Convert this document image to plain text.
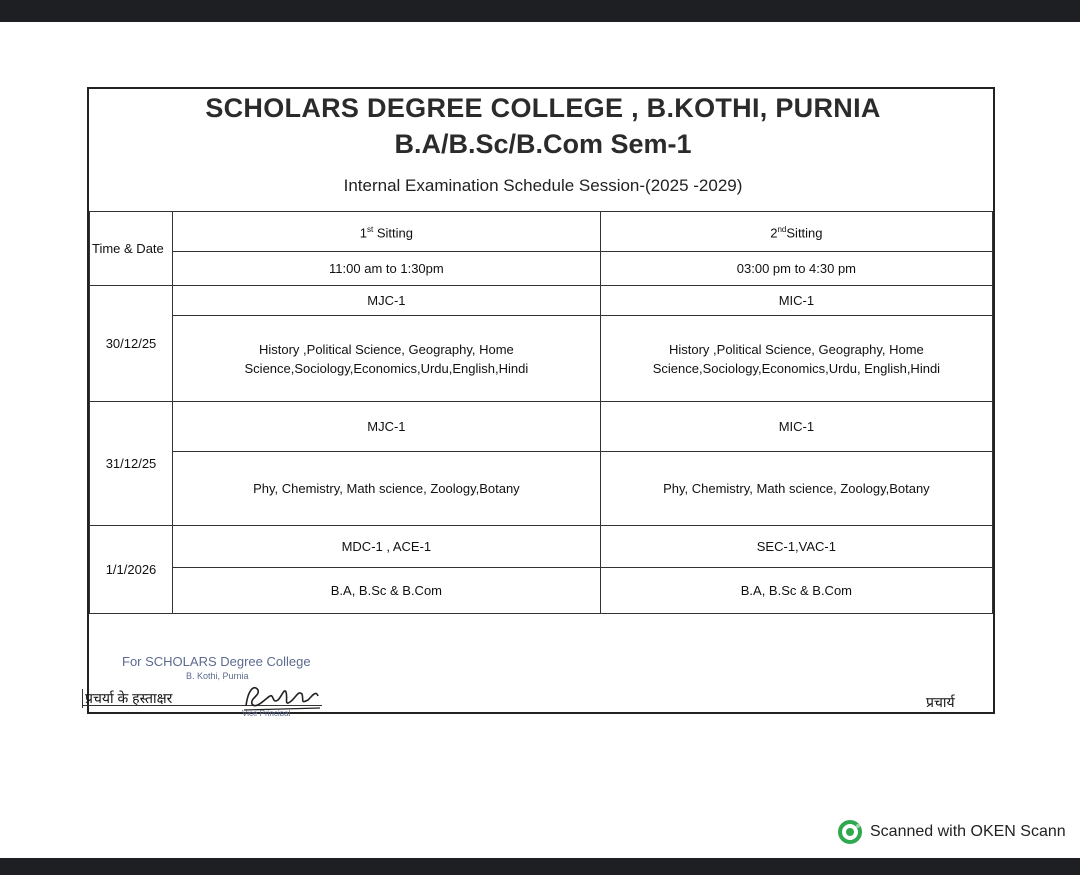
SCHOLARS DEGREE COLLEGE , B.KOTHI, PURNIA
B.A/B.Sc/B.Com Sem-1
Internal Examination Schedule Session-(2025 -2029)
Time & Date	1st Sitting	2ndSitting
	11:00 am to 1:30pm	03:00 pm to 4:30 pm
30/12/25	MJC-1	MIC-1
	History ,Political Science, Geography, Home Science,Sociology,Economics,Urdu,English,Hindi	History ,Political Science, Geography, Home Science,Sociology,Economics,Urdu, English,Hindi
31/12/25	MJC-1	MIC-1
	Phy, Chemistry, Math science, Zoology,Botany	Phy, Chemistry, Math science, Zoology,Botany
1/1/2026	MDC-1 , ACE-1	SEC-1,VAC-1
	B.A, B.Sc & B.Com	B.A, B.Sc & B.Com
For SCHOLARS Degree College
B. Kothi, Purnia
प्रचर्या के हस्ताक्षर
Vice Principal
प्रचार्य
Scanned with OKEN Scann
